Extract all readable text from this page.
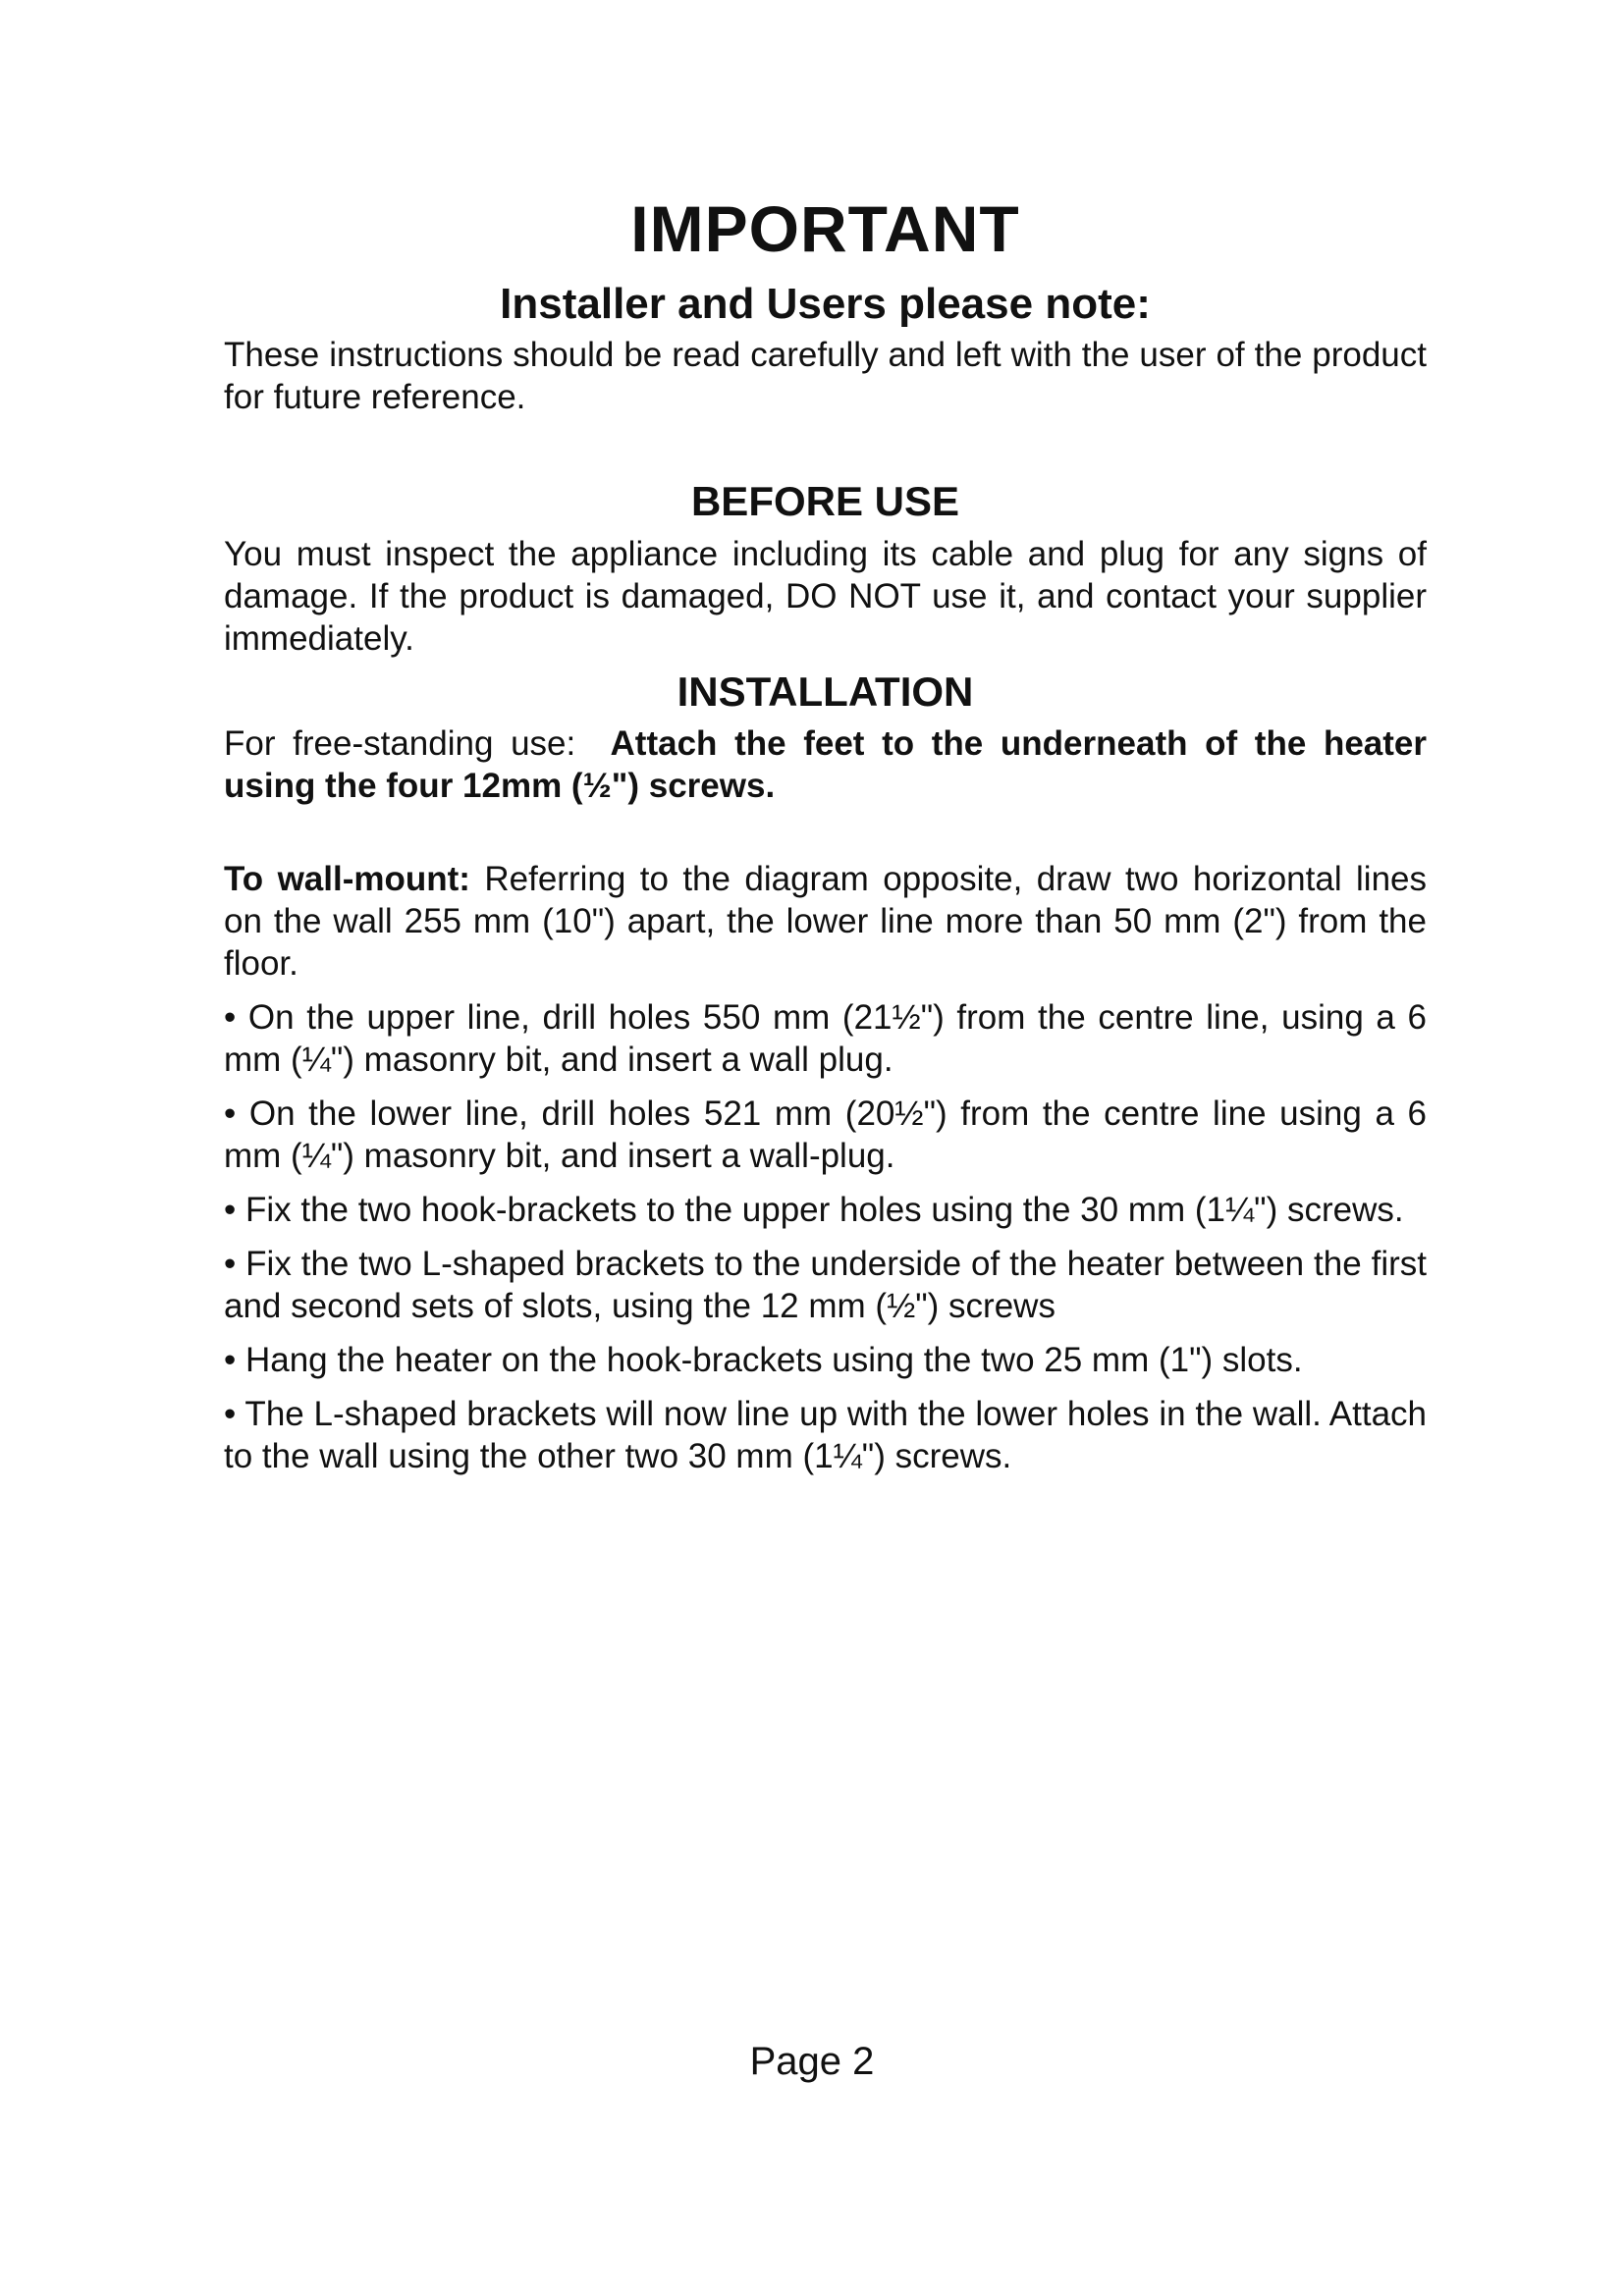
IMPORTANT
Installer and Users please note:

These instructions should be read carefully and left with the user of the product for future reference.

BEFORE USE

You must inspect the appliance including its cable and plug for any signs of damage. If the product is damaged, DO NOT use it, and contact your supplier immediately.

INSTALLATION

For free-standing use: Attach the feet to the underneath of the heater using the four 12mm (½") screws.

To wall-mount: Referring to the diagram opposite, draw two horizontal lines on the wall 255 mm (10") apart, the lower line more than 50 mm (2") from the floor.

• On the upper line, drill holes 550 mm (21½") from the centre line, using a 6 mm (¼") masonry bit, and insert a wall plug.

• On the lower line, drill holes 521 mm (20½") from the centre line using a 6 mm (¼") masonry bit, and insert a wall-plug.

• Fix the two hook-brackets to the upper holes using the 30 mm (1¼") screws.

• Fix the two L-shaped brackets to the underside of the heater between the first and second sets of slots, using the 12 mm (½") screws

• Hang the heater on the hook-brackets using the two 25 mm (1") slots.

• The L-shaped brackets will now line up with the lower holes in the wall. Attach to the wall using the other two 30 mm (1¼") screws.

Page 2
